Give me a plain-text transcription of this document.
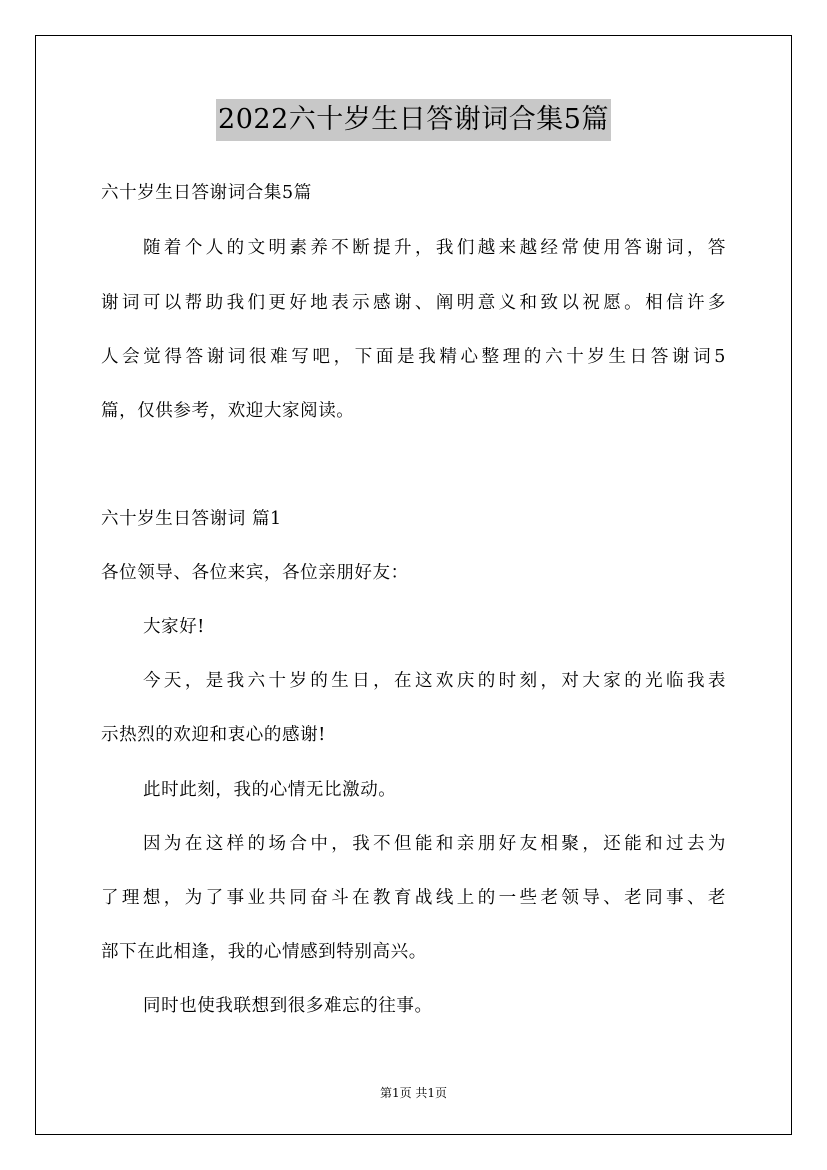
2022六十岁生日答谢词合集5篇
六十岁生日答谢词合集5篇
随着个人的文明素养不断提升，我们越来越经常使用答谢词，答
谢词可以帮助我们更好地表示感谢、阐明意义和致以祝愿。相信许多
人会觉得答谢词很难写吧，下面是我精心整理的六十岁生日答谢词5
篇，仅供参考，欢迎大家阅读。
六十岁生日答谢词 篇1
各位领导、各位来宾，各位亲朋好友：
大家好!
今天，是我六十岁的生日，在这欢庆的时刻，对大家的光临我表
示热烈的欢迎和衷心的感谢!
此时此刻，我的心情无比激动。
因为在这样的场合中，我不但能和亲朋好友相聚，还能和过去为
了理想，为了事业共同奋斗在教育战线上的一些老领导、老同事、老
部下在此相逢，我的心情感到特别高兴。
同时也使我联想到很多难忘的往事。
第1页 共1页
